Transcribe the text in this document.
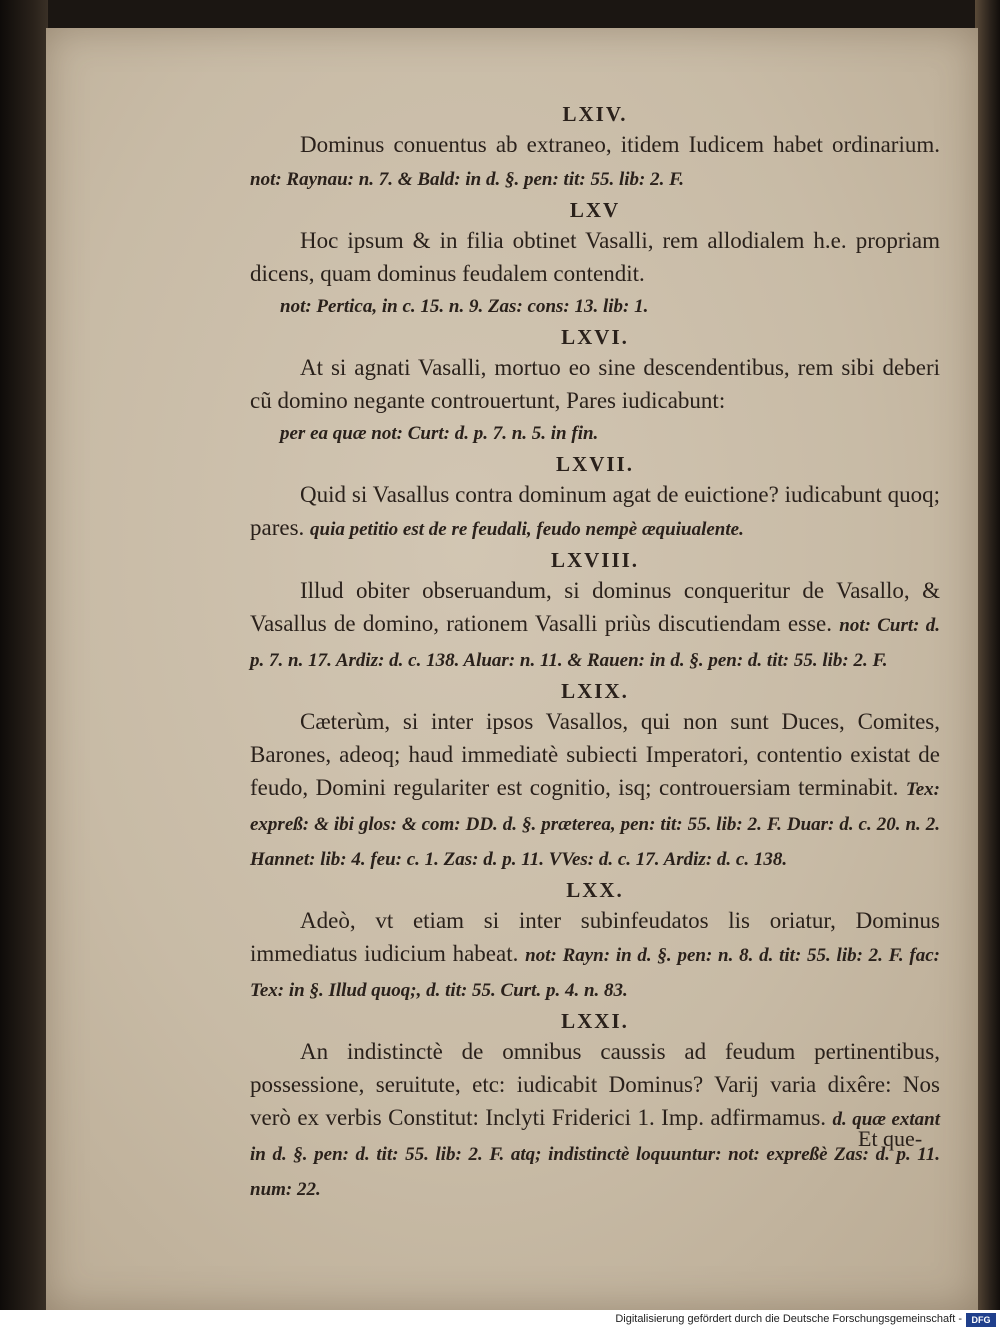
LXIV.

Dominus conuentus ab extraneo, itidem Iudicem habet ordinarium. not: Raynau: n. 7. & Bald: in d. §. pen: tit: 55. lib: 2. F.

LXV

Hoc ipsum & in filia obtinet Vasalli, rem allodialem h.e. propriam dicens, quam dominus feudalem contendit.

not: Pertica, in c. 15. n. 9. Zas: cons: 13. lib: 1.

LXVI.

At si agnati Vasalli, mortuo eo sine descendentibus, rem sibi deberi cũ domino negante controuertunt, Pares iudicabunt:

per ea quæ not: Curt: d. p. 7. n. 5. in fin.

LXVII.

Quid si Vasallus contra dominum agat de euictione? iudicabunt quoq; pares. quia petitio est de re feudali, feudo nempè æquiualente.

LXVIII.

Illud obiter obseruandum, si dominus conqueritur de Vasallo, & Vasallus de domino, rationem Vasalli priùs discutiendam esse. not: Curt: d. p. 7. n. 17. Ardiz: d. c. 138. Aluar: n. 11. & Rauen: in d. §. pen: d. tit: 55. lib: 2. F.

LXIX.

Cæterùm, si inter ipsos Vasallos, qui non sunt Duces, Comites, Barones, adeoq; haud immediatè subiecti Imperatori, contentio existat de feudo, Domini regulariter est cognitio, isq; controuersiam terminabit. Tex: expreß: & ibi glos: & com: DD. d. §. præterea, pen: tit: 55. lib: 2. F. Duar: d. c. 20. n. 2. Hannet: lib: 4. feu: c. 1. Zas: d. p. 11. VVes: d. c. 17. Ardiz: d. c. 138.

LXX.

Adeò, vt etiam si inter subinfeudatos lis oriatur, Dominus immediatus iudicium habeat. not: Rayn: in d. §. pen: n. 8. d. tit: 55. lib: 2. F. fac: Tex: in §. Illud quoq;, d. tit: 55. Curt. p. 4. n. 83.

LXXI.

An indistinctè de omnibus caussis ad feudum pertinentibus, possessione, seruitute, etc: iudicabit Dominus? Varij varia dixêre: Nos verò ex verbis Constitut: Inclyti Friderici 1. Imp. adfirmamus. d. quæ extant in d. §. pen: d. tit: 55. lib: 2. F. atq; indistinctè loquuntur: not: expreßè Zas: d. p. 11. num: 22.

Et que-
Digitalisierung gefördert durch die Deutsche Forschungsgemeinschaft -	DFG
